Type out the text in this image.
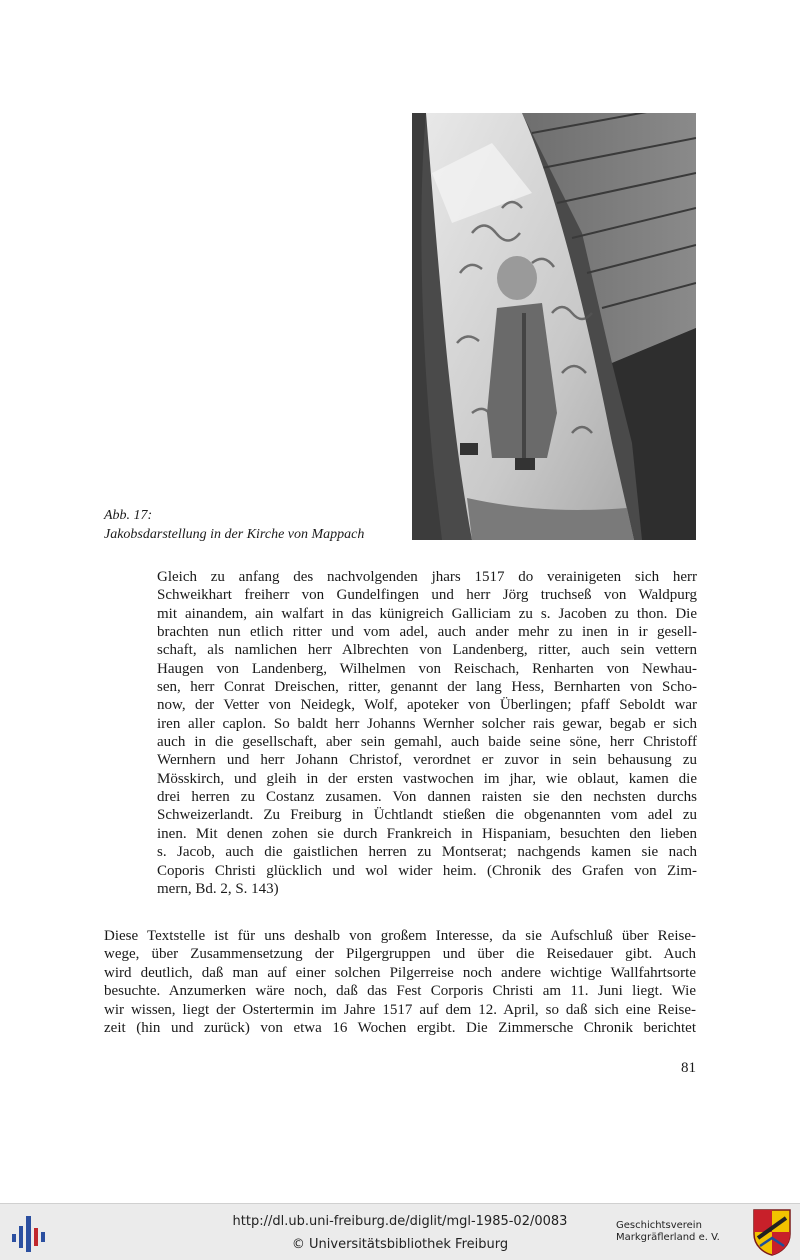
Abb. 17:
Jakobsdarstellung in der Kirche von Mappach
Gleich zu anfang des nachvolgenden jhars 1517 do verainigeten sich herr
Schweikhart freiherr von Gundelfingen und herr Jörg truchseß von Waldpurg
mit ainandem, ain walfart in das künigreich Galliciam zu s. Jacoben zu thon. Die
brachten nun etlich ritter und vom adel, auch ander mehr zu inen in ir gesell-
schaft, als namlichen herr Albrechten von Landenberg, ritter, auch sein vettern
Haugen von Landenberg, Wilhelmen von Reischach, Renharten von Newhau-
sen, herr Conrat Dreischen, ritter, genannt der lang Hess, Bernharten von Scho-
now, der Vetter von Neidegk, Wolf, apoteker von Überlingen; pfaff Seboldt war
iren aller caplon. So baldt herr Johanns Wernher solcher rais gewar, begab er sich
auch in die gesellschaft, aber sein gemahl, auch baide seine söne, herr Christoff
Wernhern und herr Johann Christof, verordnet er zuvor in sein behausung zu
Mösskirch, und gleih in der ersten vastwochen im jhar, wie oblaut, kamen die
drei herren zu Costanz zusamen. Von dannen raisten sie den nechsten durchs
Schweizerlandt. Zu Freiburg in Üchtlandt stießen die obgenannten vom adel zu
inen. Mit denen zohen sie durch Frankreich in Hispaniam, besuchten den lieben
s. Jacob, auch die gaistlichen herren zu Montserat; nachgends kamen sie nach
Coporis Christi glücklich und wol wider heim. (Chronik des Grafen von Zim-
mern, Bd. 2, S. 143)
Diese Textstelle ist für uns deshalb von großem Interesse, da sie Aufschluß über Reise-
wege, über Zusammensetzung der Pilgergruppen und über die Reisedauer gibt. Auch
wird deutlich, daß man auf einer solchen Pilgerreise noch andere wichtige Wallfahrtsorte
besuchte. Anzumerken wäre noch, daß das Fest Corporis Christi am 11. Juni liegt. Wie
wir wissen, liegt der Ostertermin im Jahre 1517 auf dem 12. April, so daß sich eine Reise-
zeit (hin und zurück) von etwa 16 Wochen ergibt. Die Zimmersche Chronik berichtet
81
http://dl.ub.uni-freiburg.de/diglit/mgl-1985-02/0083
© Universitätsbibliothek Freiburg
Geschichtsverein
Markgräflerland e. V.
